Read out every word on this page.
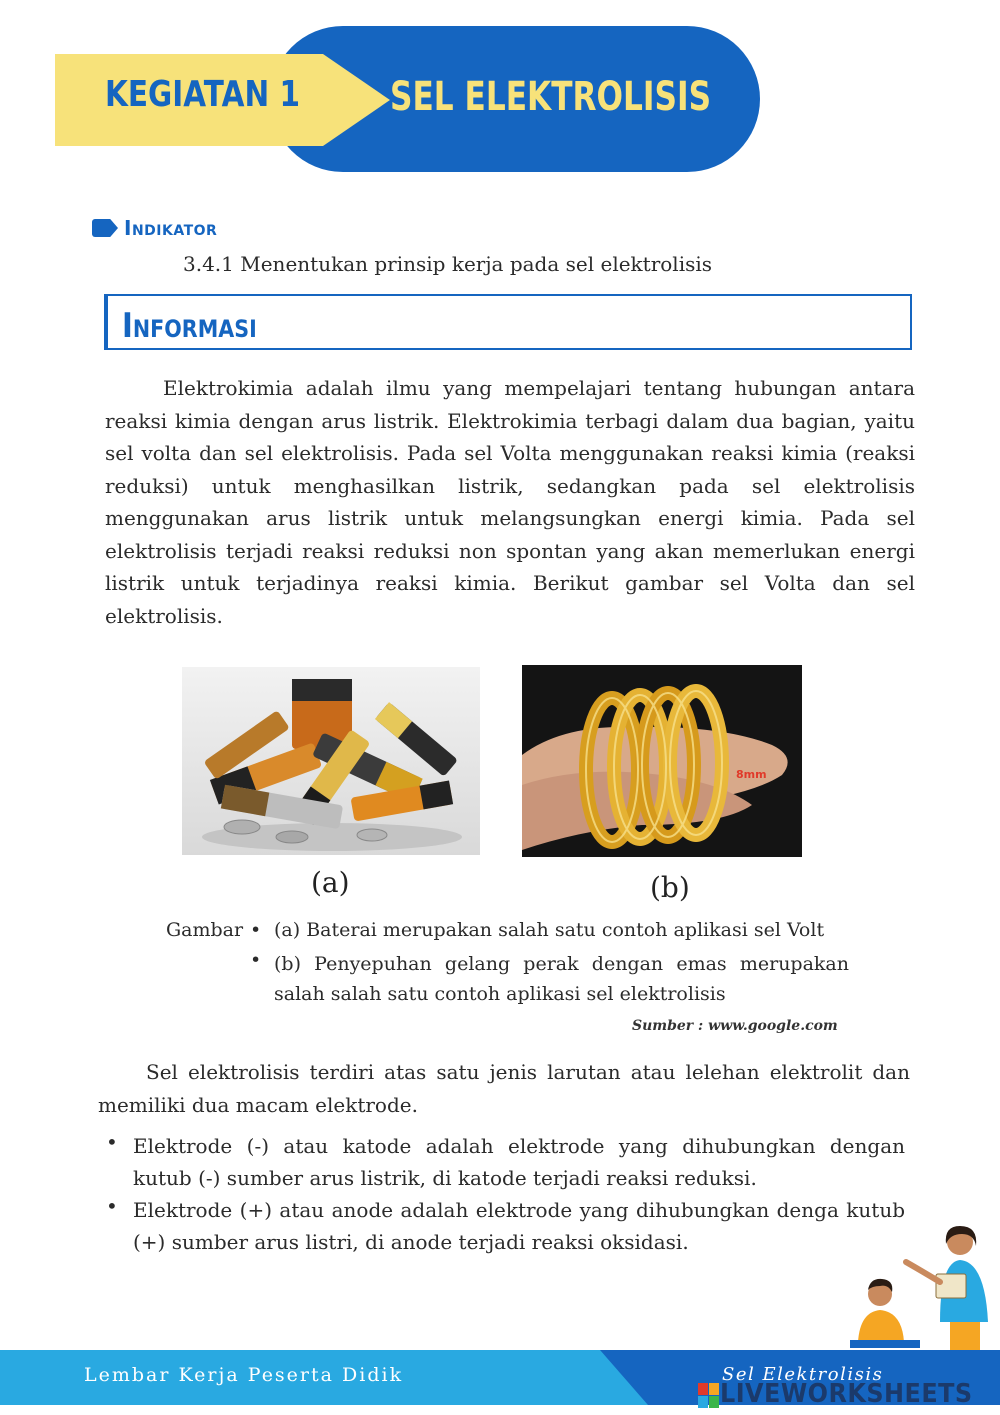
KEGIATAN 1 SEL ELEKTROLISIS
Indikator
3.4.1 Menentukan prinsip kerja pada sel elektrolisis
Informasi
Elektrokimia adalah ilmu yang mempelajari tentang hubungan antara reaksi kimia dengan arus listrik. Elektrokimia terbagi dalam dua bagian, yaitu sel volta dan sel elektrolisis. Pada sel Volta menggunakan reaksi kimia (reaksi reduksi) untuk menghasilkan listrik, sedangkan pada sel elektrolisis menggunakan arus listrik untuk melangsungkan energi kimia. Pada sel elektrolisis terjadi reaksi reduksi non spontan yang akan memerlukan energi listrik untuk terjadinya reaksi kimia. Berikut gambar sel Volta dan sel elektrolisis.
8mm
(a)	(b)
Gambar • (a) Baterai merupakan salah satu contoh aplikasi sel Volt
• (b) Penyepuhan gelang perak dengan emas merupakan salah salah satu contoh aplikasi sel elektrolisis
Sumber : www.google.com
Sel elektrolisis terdiri atas satu jenis larutan atau lelehan elektrolit dan memiliki dua macam elektrode.
• Elektrode (-) atau katode adalah elektrode yang dihubungkan dengan kutub (-) sumber arus listrik, di katode terjadi reaksi reduksi.
• Elektrode (+) atau anode adalah elektrode yang dihubungkan denga kutub (+) sumber arus listri, di anode terjadi reaksi oksidasi.
Lembar Kerja Peserta Didik	Sel Elektrolisis
LIVEWORKSHEETS
